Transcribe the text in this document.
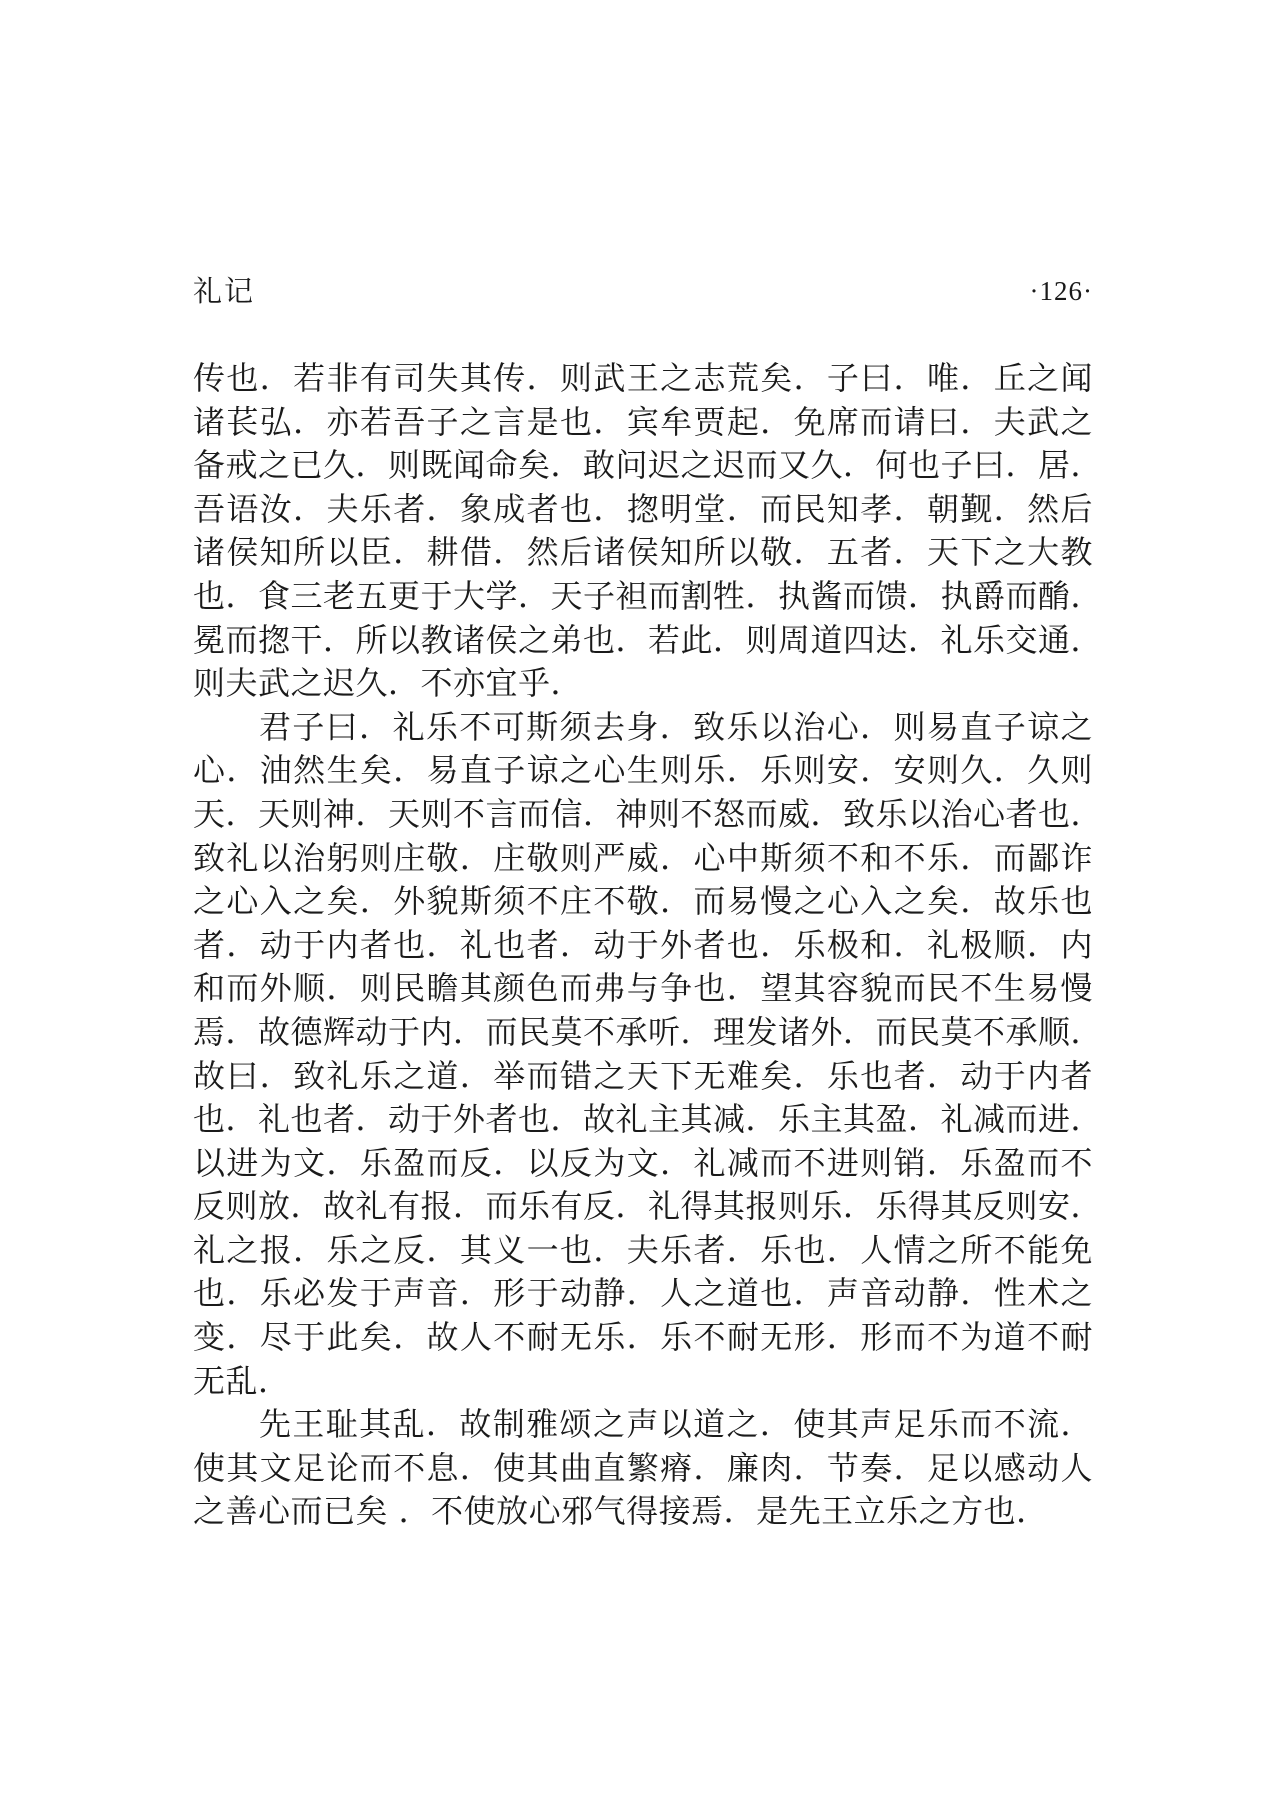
礼记	·126·
传也．若非有司失其传．则武王之志荒矣．子曰．唯．丘之闻
诸苌弘．亦若吾子之言是也．宾牟贾起．免席而请曰．夫武之
备戒之已久．则既闻命矣．敢问迟之迟而又久．何也子曰．居．
吾语汝．夫乐者．象成者也．揔明堂．而民知孝．朝觐．然后
诸侯知所以臣．耕借．然后诸侯知所以敬．五者．天下之大教
也．食三老五更于大学．天子袒而割牲．执酱而馈．执爵而酳．
冕而揔干．所以教诸侯之弟也．若此．则周道四达．礼乐交通．
则夫武之迟久．不亦宜乎．
君子曰．礼乐不可斯须去身．致乐以治心．则易直子谅之
心．油然生矣．易直子谅之心生则乐．乐则安．安则久．久则
天．天则神．天则不言而信．神则不怒而威．致乐以治心者也．
致礼以治躬则庄敬．庄敬则严威．心中斯须不和不乐．而鄙诈
之心入之矣．外貌斯须不庄不敬．而易慢之心入之矣．故乐也
者．动于内者也．礼也者．动于外者也．乐极和．礼极顺．内
和而外顺．则民瞻其颜色而弗与争也．望其容貌而民不生易慢
焉．故德辉动于内．而民莫不承听．理发诸外．而民莫不承顺．
故曰．致礼乐之道．举而错之天下无难矣．乐也者．动于内者
也．礼也者．动于外者也．故礼主其减．乐主其盈．礼减而进．
以进为文．乐盈而反．以反为文．礼减而不进则销．乐盈而不
反则放．故礼有报．而乐有反．礼得其报则乐．乐得其反则安．
礼之报．乐之反．其义一也．夫乐者．乐也．人情之所不能免
也．乐必发于声音．形于动静．人之道也．声音动静．性术之
变．尽于此矣．故人不耐无乐．乐不耐无形．形而不为道不耐
无乱．
先王耻其乱．故制雅颂之声以道之．使其声足乐而不流．
使其文足论而不息．使其曲直繁瘠．廉肉．节奏．足以感动人
之善心而已矣 ．不使放心邪气得接焉．是先王立乐之方也．
